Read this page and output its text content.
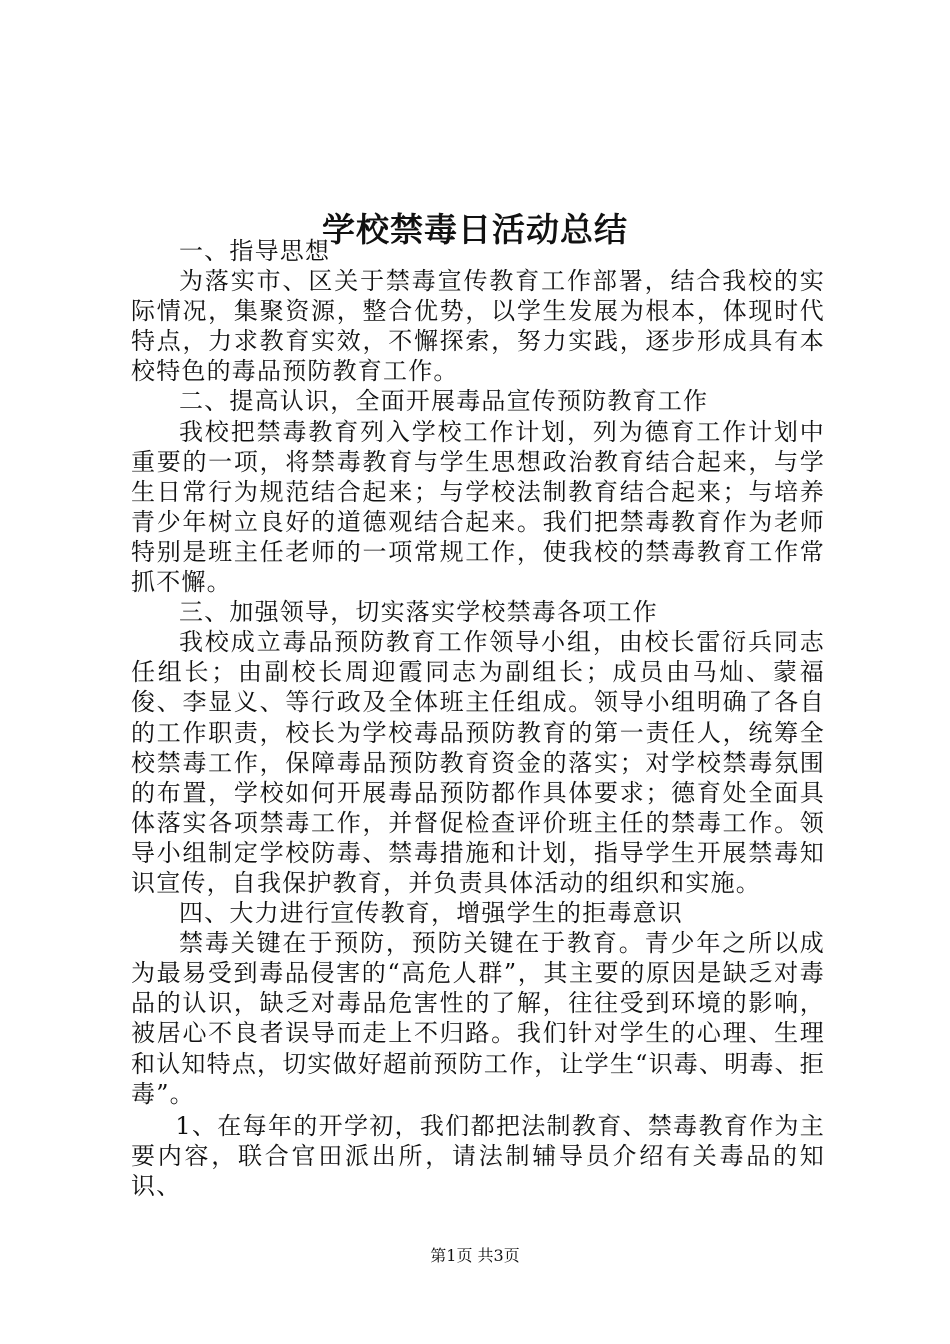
学校禁毒日活动总结

一、指导思想

为落实市、区关于禁毒宣传教育工作部署，结合我校的实际情况，集聚资源，整合优势，以学生发展为根本，体现时代特点，力求教育实效，不懈探索，努力实践，逐步形成具有本校特色的毒品预防教育工作。

二、提高认识，全面开展毒品宣传预防教育工作

我校把禁毒教育列入学校工作计划，列为德育工作计划中重要的一项，将禁毒教育与学生思想政治教育结合起来，与学生日常行为规范结合起来；与学校法制教育结合起来；与培养青少年树立良好的道德观结合起来。我们把禁毒教育作为老师特别是班主任老师的一项常规工作，使我校的禁毒教育工作常抓不懈。

三、加强领导，切实落实学校禁毒各项工作

我校成立毒品预防教育工作领导小组，由校长雷衍兵同志任组长；由副校长周迎霞同志为副组长；成员由马灿、蒙福俊、李显义、等行政及全体班主任组成。领导小组明确了各自的工作职责，校长为学校毒品预防教育的第一责任人，统筹全校禁毒工作，保障毒品预防教育资金的落实；对学校禁毒氛围的布置，学校如何开展毒品预防都作具体要求；德育处全面具体落实各项禁毒工作，并督促检查评价班主任的禁毒工作。领导小组制定学校防毒、禁毒措施和计划，指导学生开展禁毒知识宣传，自我保护教育，并负责具体活动的组织和实施。

四、大力进行宣传教育，增强学生的拒毒意识

禁毒关键在于预防，预防关键在于教育。青少年之所以成为最易受到毒品侵害的“高危人群”，其主要的原因是缺乏对毒品的认识，缺乏对毒品危害性的了解，往往受到环境的影响，被居心不良者误导而走上不归路。我们针对学生的心理、生理和认知特点，切实做好超前预防工作，让学生“识毒、明毒、拒毒”。

1、在每年的开学初，我们都把法制教育、禁毒教育作为主要内容，联合官田派出所，请法制辅导员介绍有关毒品的知识、

第1页 共3页
